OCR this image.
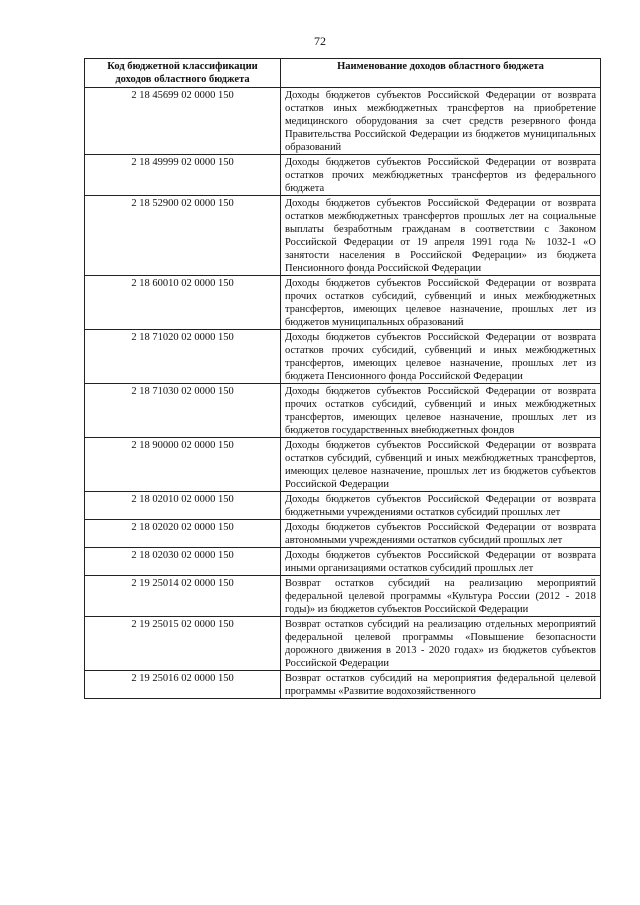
72
Код бюджетной классификации доходов областного бюджета	Наименование доходов областного бюджета
2 18 45699 02 0000 150	Доходы бюджетов субъектов Российской Федерации от возврата остатков иных межбюджетных трансфертов на приобретение медицинского оборудования за счет средств резервного фонда Правительства Российской Федерации из бюджетов муниципальных образований
2 18 49999 02 0000 150	Доходы бюджетов субъектов Российской Федерации от возврата остатков прочих межбюджетных трансфертов из федерального бюджета
2 18 52900 02 0000 150	Доходы бюджетов субъектов Российской Федерации от возврата остатков межбюджетных трансфертов прошлых лет на социальные выплаты безработным гражданам в соответствии с Законом Российской Федерации от 19 апреля 1991 года № 1032-1 «О занятости населения в Российской Федерации» из бюджета Пенсионного фонда Российской Федерации
2 18 60010 02 0000 150	Доходы бюджетов субъектов Российской Федерации от возврата прочих остатков субсидий, субвенций и иных межбюджетных трансфертов, имеющих целевое назначение, прошлых лет из бюджетов муниципальных образований
2 18 71020 02 0000 150	Доходы бюджетов субъектов Российской Федерации от возврата остатков прочих субсидий, субвенций и иных межбюджетных трансфертов, имеющих целевое назначение, прошлых лет из бюджета Пенсионного фонда Российской Федерации
2 18 71030 02 0000 150	Доходы бюджетов субъектов Российской Федерации от возврата прочих остатков субсидий, субвенций и иных межбюджетных трансфертов, имеющих целевое назначение, прошлых лет из бюджетов государственных внебюджетных фондов
2 18 90000 02 0000 150	Доходы бюджетов субъектов Российской Федерации от возврата остатков субсидий, субвенций и иных межбюджетных трансфертов, имеющих целевое назначение, прошлых лет из бюджетов субъектов Российской Федерации
2 18 02010 02 0000 150	Доходы бюджетов субъектов Российской Федерации от возврата бюджетными учреждениями остатков субсидий прошлых лет
2 18 02020 02 0000 150	Доходы бюджетов субъектов Российской Федерации от возврата автономными учреждениями остатков субсидий прошлых лет
2 18 02030 02 0000 150	Доходы бюджетов субъектов Российской Федерации от возврата иными организациями остатков субсидий прошлых лет
2 19 25014 02 0000 150	Возврат остатков субсидий на реализацию мероприятий федеральной целевой программы «Культура России (2012 - 2018 годы)» из бюджетов субъектов Российской Федерации
2 19 25015 02 0000 150	Возврат остатков субсидий на реализацию отдельных мероприятий федеральной целевой программы «Повышение безопасности дорожного движения в 2013 - 2020 годах» из бюджетов субъектов Российской Федерации
2 19 25016 02 0000 150	Возврат остатков субсидий на мероприятия федеральной целевой программы «Развитие водохозяйственного
